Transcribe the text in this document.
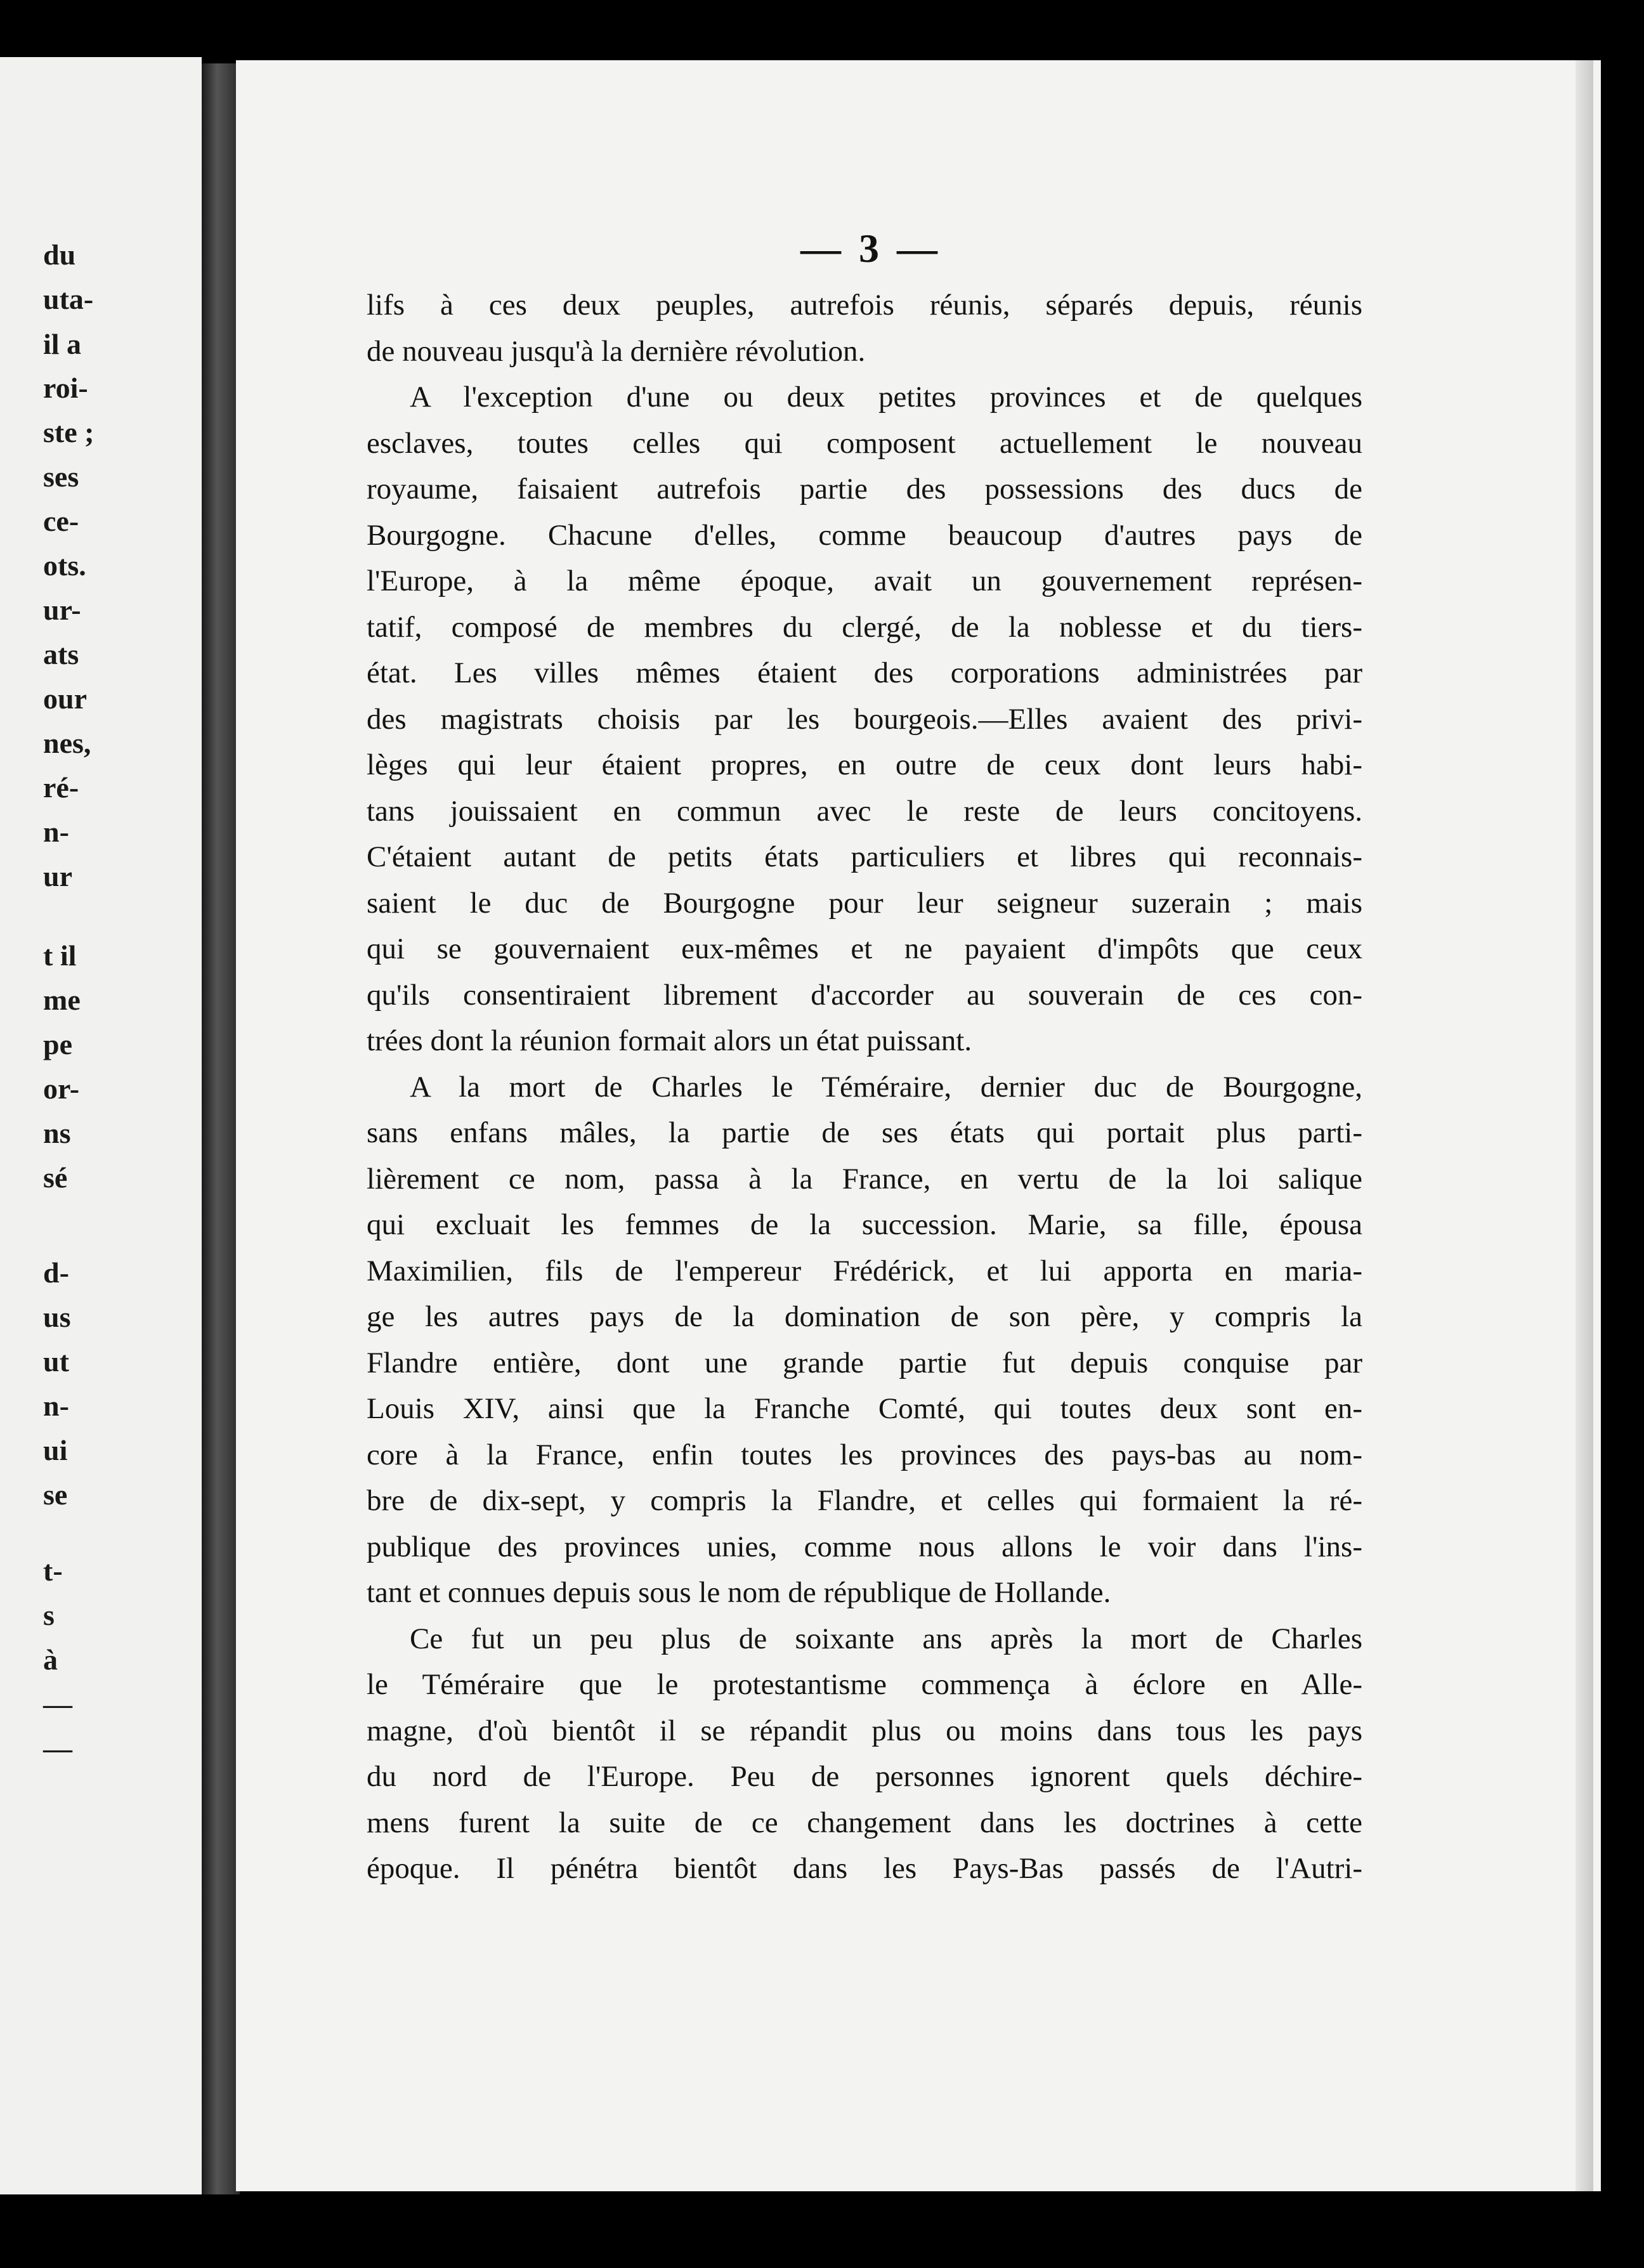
du
uta-
il a
roi-
ste ;
ses
ce-
ots.
ur-
ats
our
nes,
ré-
n-
ur
t il
me
pe
or-
ns
sé
d-
us
ut
n-
ui
se
t-
s
à
—
—
— 3 —
lifs à ces deux peuples, autrefois réunis, séparés depuis, réunis
de nouveau jusqu'à la dernière révolution.
A l'exception d'une ou deux petites provinces et de quelques
esclaves, toutes celles qui composent actuellement le nouveau
royaume, faisaient autrefois partie des possessions des ducs de
Bourgogne. Chacune d'elles, comme beaucoup d'autres pays de
l'Europe, à la même époque, avait un gouvernement représen-
tatif, composé de membres du clergé, de la noblesse et du tiers-
état. Les villes mêmes étaient des corporations administrées par
des magistrats choisis par les bourgeois.—Elles avaient des privi-
lèges qui leur étaient propres, en outre de ceux dont leurs habi-
tans jouissaient en commun avec le reste de leurs concitoyens.
C'étaient autant de petits états particuliers et libres qui reconnais-
saient le duc de Bourgogne pour leur seigneur suzerain ; mais
qui se gouvernaient eux-mêmes et ne payaient d'impôts que ceux
qu'ils consentiraient librement d'accorder au souverain de ces con-
trées dont la réunion formait alors un état puissant.
A la mort de Charles le Téméraire, dernier duc de Bourgogne,
sans enfans mâles, la partie de ses états qui portait plus parti-
lièrement ce nom, passa à la France, en vertu de la loi salique
qui excluait les femmes de la succession. Marie, sa fille, épousa
Maximilien, fils de l'empereur Frédérick, et lui apporta en maria-
ge les autres pays de la domination de son père, y compris la
Flandre entière, dont une grande partie fut depuis conquise par
Louis XIV, ainsi que la Franche Comté, qui toutes deux sont en-
core à la France, enfin toutes les provinces des pays-bas au nom-
bre de dix-sept, y compris la Flandre, et celles qui formaient la ré-
publique des provinces unies, comme nous allons le voir dans l'ins-
tant et connues depuis sous le nom de république de Hollande.
Ce fut un peu plus de soixante ans après la mort de Charles
le Téméraire que le protestantisme commença à éclore en Alle-
magne, d'où bientôt il se répandit plus ou moins dans tous les pays
du nord de l'Europe. Peu de personnes ignorent quels déchire-
mens furent la suite de ce changement dans les doctrines à cette
époque. Il pénétra bientôt dans les Pays-Bas passés de l'Autri-
